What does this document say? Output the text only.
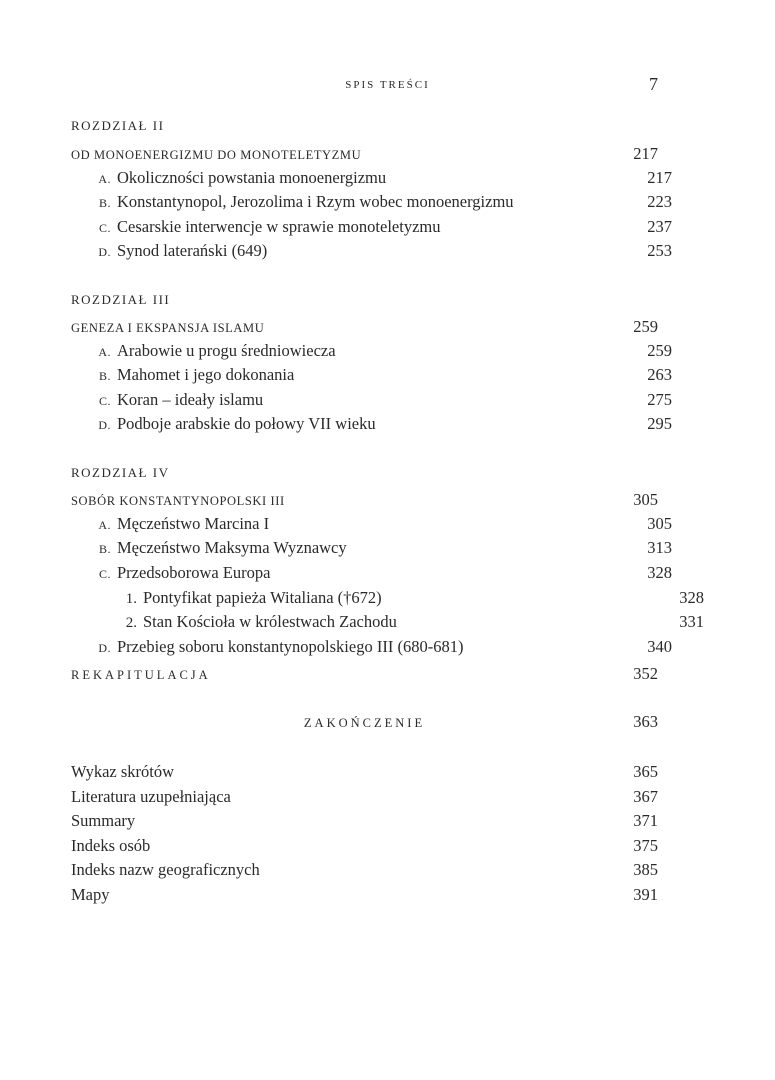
SPIS TREŚCI	7
ROZDZIAŁ II
OD MONOENERGIZMU DO MONOTELETYZMU	217
A. Okoliczności powstania monoenergizmu	217
B. Konstantynopol, Jerozolima i Rzym wobec monoenergizmu	223
C. Cesarskie interwencje w sprawie monoteletyzmu	237
D. Synod laterański (649)	253
ROZDZIAŁ III
GENEZA I EKSPANSJA ISLAMU	259
A. Arabowie u progu średniowiecza	259
B. Mahomet i jego dokonania	263
C. Koran – ideały islamu	275
D. Podboje arabskie do połowy VII wieku	295
ROZDZIAŁ IV
SOBÓR KONSTANTYNOPOLSKI III	305
A. Męczeństwo Marcina I	305
B. Męczeństwo Maksyma Wyznawcy	313
C. Przedsoborowa Europa	328
1. Pontyfikat papieża Witaliana (†672)	328
2. Stan Kościoła w królestwach Zachodu	331
D. Przebieg soboru konstantynopolskiego III (680-681)	340
REKAPITULACJA	352
ZAKOŃCZENIE	363
Wykaz skrótów	365
Literatura uzupełniająca	367
Summary	371
Indeks osób	375
Indeks nazw geograficznych	385
Mapy	391
